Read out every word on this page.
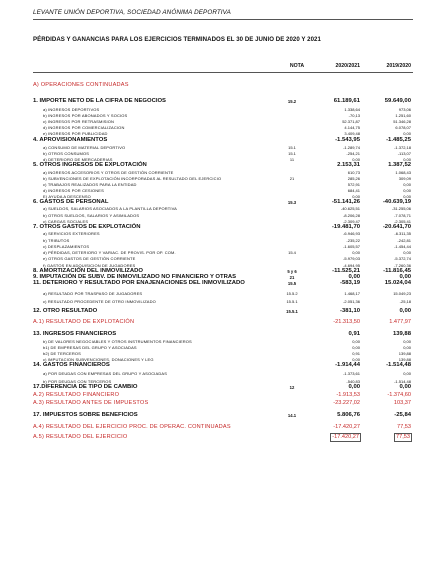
LEVANTE UNIÓN DEPORTIVA, SOCIEDAD ANÓNIMA DEPORTIVA
PÉRDIDAS Y GANANCIAS PARA LOS EJERCICIOS TERMINADOS EL 30 DE JUNIO DE 2020 Y 2021
NOTA	2020/2021	2019/2020
A) OPERACIONES CONTINUADAS
1. IMPORTE NETO DE LA CIFRA DE NEGOCIOS	15.2	61.189,61	59.649,00
a) INGRESOS DEPORTIVOS	1.338,64	973,06
b) INGRESOS POR ABONADOS Y SOCIOS	-70,13	1.251,60
c) INGRESOS POR RETRASMISION	52.371,87	51.346,28
d) INGRESOS POR COMERCIALIZACION	4.144,75	6.078,07
e) INGRESOS POR PUBLICIDAD	3.409,48	0,00
4. APROVISIONAMIENTOS	-1.543,95	-1.485,25
a) CONSUMO DE MATERIAL DEPORTIVO	15.1	-1.289,74	-1.372,18
b) OTROS CONSUMOS	15.1	-254,21	-113,07
d) DETERIORO DE MERCADERIAS	11	0,00	0,00
5. OTROS INGRESOS DE EXPLOTACIÓN	2.153,31	1.387,52
a) INGRESOS ACCESORIOS Y OTROS DE GESTIÓN CORRIENTE	610,73	1.068,43
b) SUBVENCIONES DE EXPLOTACIÓN INCORPORADAS AL RESULTADO DEL EJERCICIO	21	285,26	309,09
c) TRABAJOS REALIZADOS PARA LA ENTIDAD	572,91	0,00
d) INGRESOS POR CESIONES	684,41	0,00
E) AYUDA A DESCENSO	0,00	0,00
6. GASTOS DE PERSONAL	15.3	-51.141,26	-40.639,19
a) SUELDOS, SALARIOS ASOCIADOS A LA PLANTILLA DEPORTIVA	-40.625,51	-31.255,06
b) OTROS SUELDOS, SALARIOS Y ASIMILADOS	-8.206,28	-7.078,71
c) CARGAS SOCIALES	-2.309,47	-2.305,41
7. OTROS GASTOS DE EXPLOTACIÓN	-19.481,70	-20.641,70
a) SERVICIOS EXTERIORES	-6.946,93	-6.311,35
b) TRIBUTOS	-235,22	-242,81
c) DESPLAZAMIENTOS	-1.605,57	-1.454,44
d) PÉRDIDAS, DETERIORO Y VARIAC. DE PROVIS. POR OP. COM.	15.4	0,00	0,00
e) OTROS GASTOS DE GESTIÓN CORRIENTE	-5.979,03	-5.372,74
f) GASTOS EN ADQUISICION DE JUGADORES	-4.694,95	-7.260,36
8. AMORTIZACIÓN DEL INMOVILIZADO	5 y 6	-11.525,21	-11.816,45
9. IMPUTACIÓN DE SUBV. DE INMOVILIZADO NO FINANCIERO Y OTRAS	21	0,00	0,00
11. DETERIORO Y RESULTADO POR ENAJENACIONES DEL INMOVILIZADO	15.5	-583,19	15.024,04
a) RESULTADO POR TRASPASO DE JUGADORES	15.5.2	1.468,17	15.049,23
c) RESULTADO PROCEDENTE DE OTRO INMOVILIZADO	15.5.1	-2.051,36	-25,18
12. OTRO RESULTADO	15.5.1	-381,10	0,00
A.1) RESULTADO DE EXPLOTACIÓN	-21.313,50	1.477,97
13. INGRESOS FINANCIEROS	0,91	139,88
b) DE VALORES NEGOCIABLES Y OTROS INSTRUMENTOS FINANCIEROS	0,00	0,00
b1) DE EMPRESAS DEL GRUPO Y ASOCIADAS	0,00	0,00
b2) DE TERCEROS	0,91	139,88
c) IMPUTACION SUBVENCIONES, DONACIONES Y LEG	0,00	139,88
14. GASTOS FINANCIEROS	-1.914,44	-1.514,48
a) POR DEUDAS CON EMPRESAS DEL GRUPO Y ASOCIADAS	-1.373,61	0,00
b) POR DEUDAS CON TERCEROS	-540,83	-1.514,48
17.DIFERENCIA DE TIPO DE CAMBIO	12	0,00	0,00
A.2) RESULTADO FINANCIERO	-1.913,53	-1.374,60
A.3) RESULTADO ANTES DE IMPUESTOS	-23.227,02	103,37
17. IMPUESTOS SOBRE BENEFICIOS	14.1	5.806,76	-25,84
A.4) RESULTADO DEL EJERCICIO PROC. DE OPERAC. CONTINUADAS	-17.420,27	77,53
A.5) RESULTADO DEL EJERCICIO	-17.420,27	77,53
